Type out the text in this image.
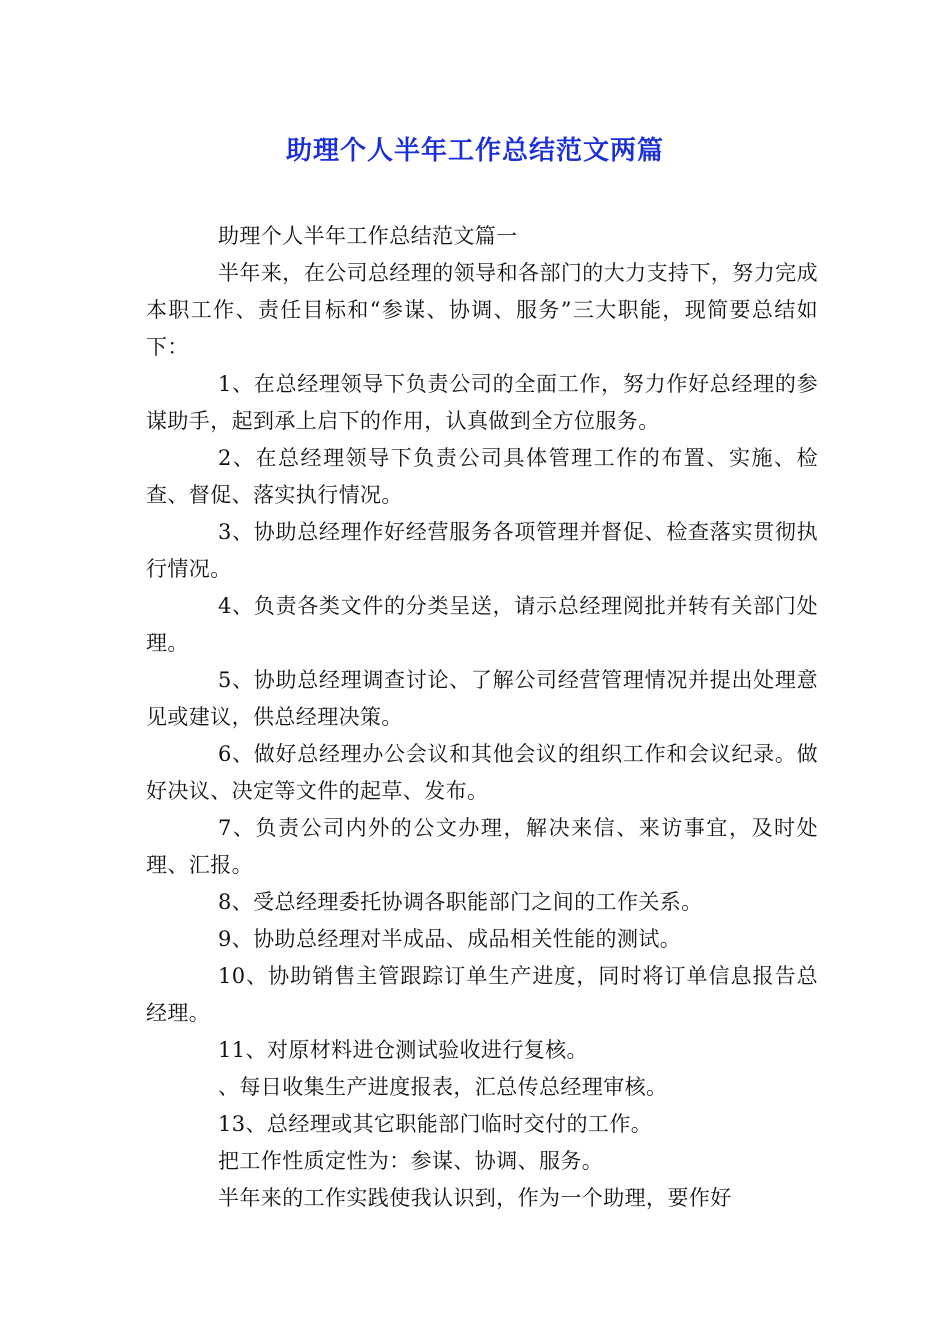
助理个人半年工作总结范文两篇

助理个人半年工作总结范文篇一

半年来，在公司总经理的领导和各部门的大力支持下，努力完成本职工作、责任目标和“参谋、协调、服务”三大职能，现简要总结如下：

1、在总经理领导下负责公司的全面工作，努力作好总经理的参谋助手，起到承上启下的作用，认真做到全方位服务。

2、在总经理领导下负责公司具体管理工作的布置、实施、检查、督促、落实执行情况。

3、协助总经理作好经营服务各项管理并督促、检查落实贯彻执行情况。

4、负责各类文件的分类呈送，请示总经理阅批并转有关部门处理。

5、协助总经理调查讨论、了解公司经营管理情况并提出处理意见或建议，供总经理决策。

6、做好总经理办公会议和其他会议的组织工作和会议纪录。做好决议、决定等文件的起草、发布。

7、负责公司内外的公文办理，解决来信、来访事宜，及时处理、汇报。

8、受总经理委托协调各职能部门之间的工作关系。

9、协助总经理对半成品、成品相关性能的测试。

10、协助销售主管跟踪订单生产进度，同时将订单信息报告总经理。

11、对原材料进仓测试验收进行复核。

、每日收集生产进度报表，汇总传总经理审核。

13、总经理或其它职能部门临时交付的工作。

把工作性质定性为：参谋、协调、服务。

半年来的工作实践使我认识到，作为一个助理，要作好
